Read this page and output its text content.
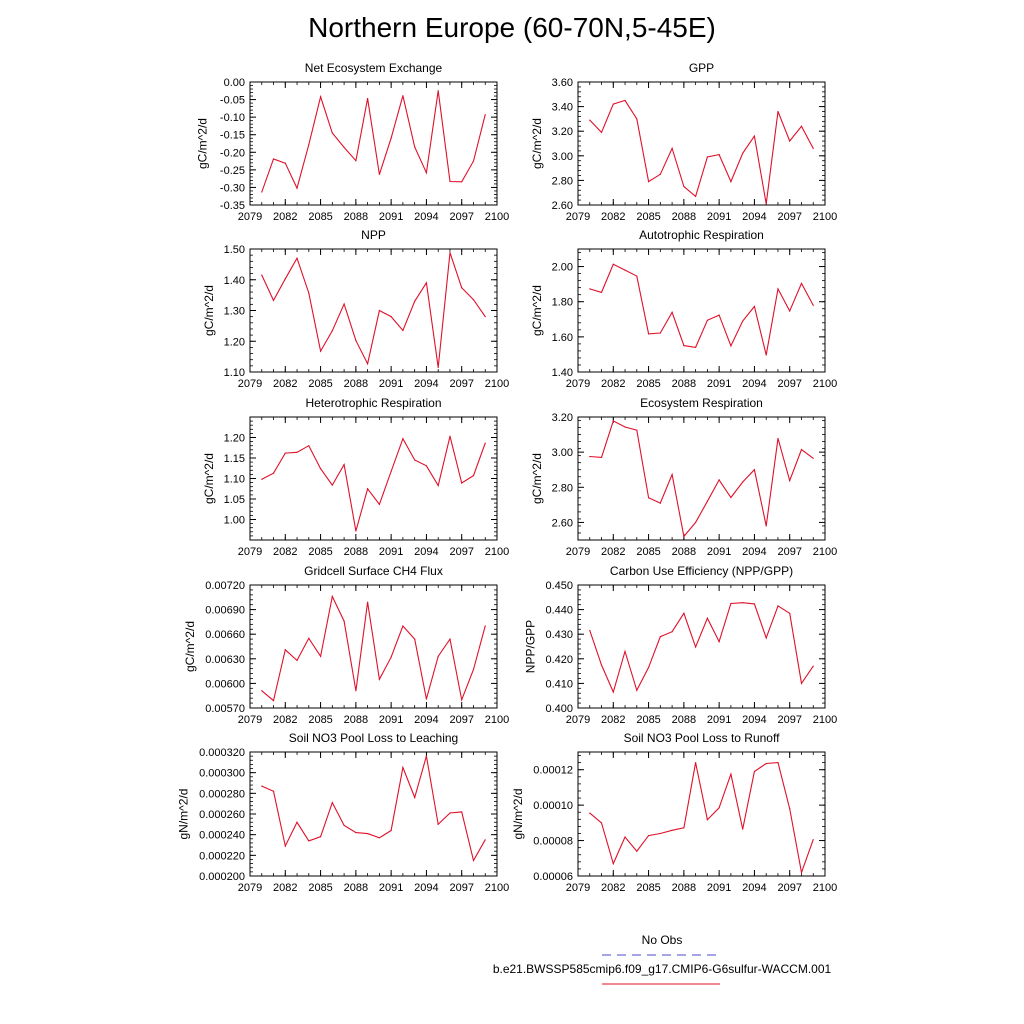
Northern Europe (60-70N,5-45E)
2079 2082 2085 2088 2091 2094 2097 2100
-0.35
-0.30
-0.25
-0.20
-0.15
-0.10
-0.05
0.00
Net Ecosystem Exchange
gC/m^2/d
2079 2082 2085 2088 2091 2094 2097 2100
2.60
2.80
3.00
3.20
3.40
3.60
GPP
gC/m^2/d
2079 2082 2085 2088 2091 2094 2097 2100
1.10
1.20
1.30
1.40
1.50
NPP
gC/m^2/d
2079 2082 2085 2088 2091 2094 2097 2100
1.40
1.60
1.80
2.00
Autotrophic Respiration
gC/m^2/d
2079 2082 2085 2088 2091 2094 2097 2100
1.00
1.05
1.10
1.15
1.20
Heterotrophic Respiration
gC/m^2/d
2079 2082 2085 2088 2091 2094 2097 2100
2.60
2.80
3.00
3.20
Ecosystem Respiration
gC/m^2/d
2079 2082 2085 2088 2091 2094 2097 2100
0.00570
0.00600
0.00630
0.00660
0.00690
0.00720
Gridcell Surface CH4 Flux
gC/m^2/d
2079 2082 2085 2088 2091 2094 2097 2100
0.400
0.410
0.420
0.430
0.440
0.450
Carbon Use Efficiency (NPP/GPP)
NPP/GPP
2079 2082 2085 2088 2091 2094 2097 2100
0.000200
0.000220
0.000240
0.000260
0.000280
0.000300
0.000320
Soil NO3 Pool Loss to Leaching
gN/m^2/d
2079 2082 2085 2088 2091 2094 2097 2100
0.00006
0.00008
0.00010
0.00012
Soil NO3 Pool Loss to Runoff
gN/m^2/d
No Obs
b.e21.BWSSP585cmip6.f09_g17.CMIP6-G6sulfur-WACCM.001
